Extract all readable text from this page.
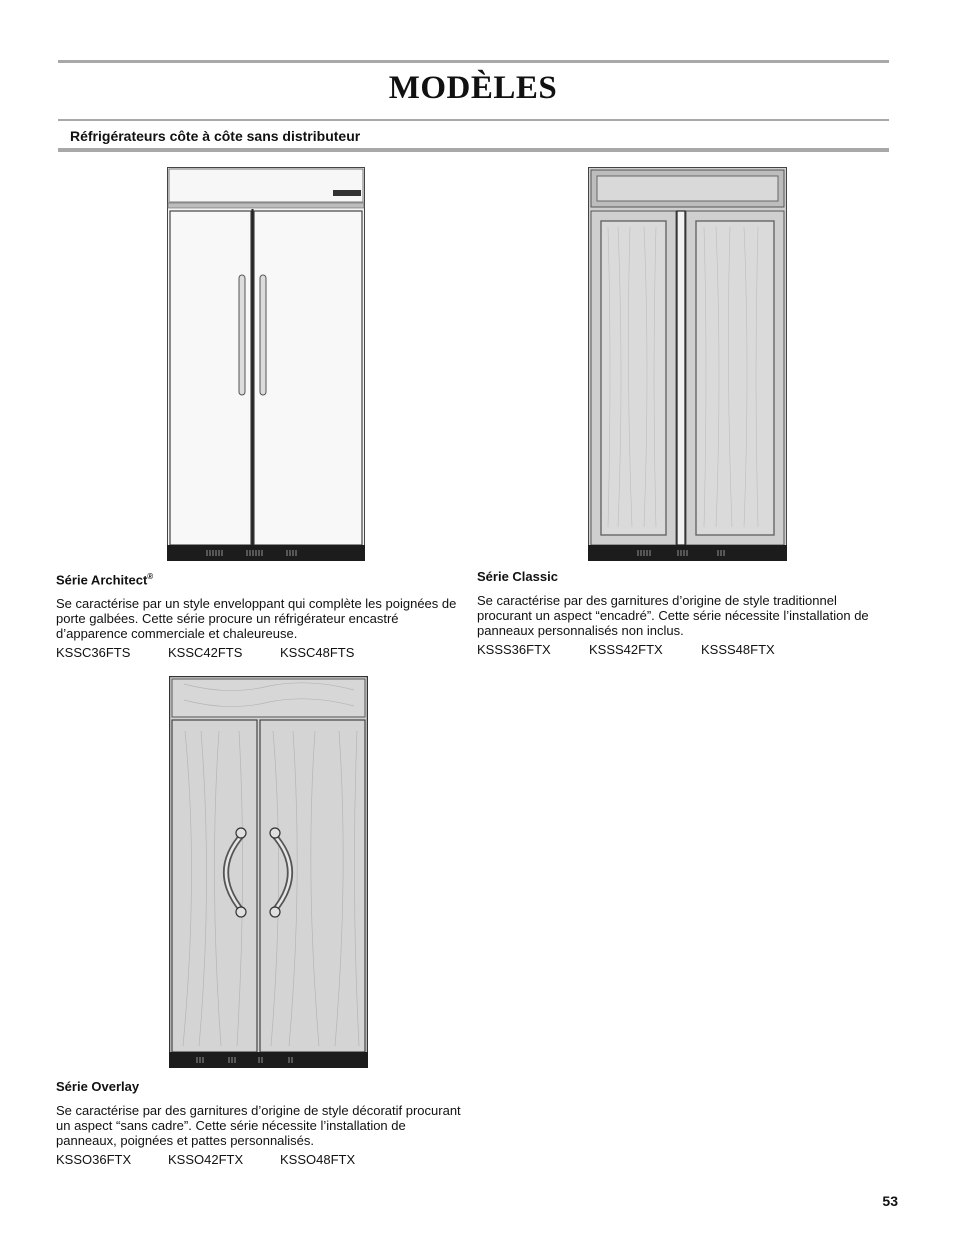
MODÈLES
Réfrigérateurs côte à côte sans distributeur
Série Architect®

Se caractérise par un style enveloppant qui complète les poignées de porte galbées. Cette série procure un réfrigérateur encastré d’apparence commerciale et chaleureuse.

KSSC36FTS	KSSC42FTS	KSSC48FTS
Série Classic

Se caractérise par des garnitures d’origine de style traditionnel procurant un aspect “encadré”. Cette série nécessite l’installation de panneaux personnalisés non inclus.

KSSS36FTX	KSSS42FTX	KSSS48FTX
Série Overlay

Se caractérise par des garnitures d’origine de style décoratif procurant un aspect “sans cadre”. Cette série nécessite l’installation de panneaux, poignées et pattes personnalisés.

KSSO36FTX	KSSO42FTX	KSSO48FTX
53
